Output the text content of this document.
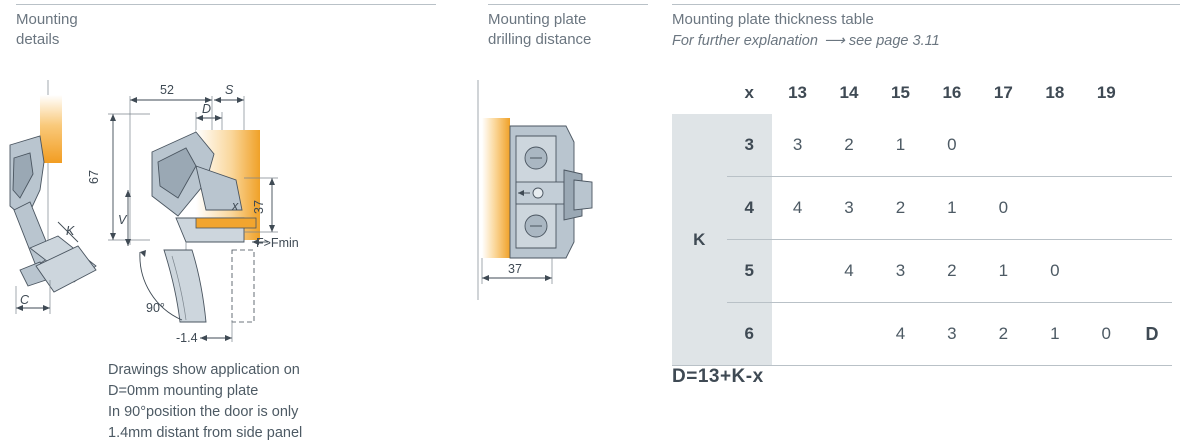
Mounting
details
Mounting plate
drilling distance
Mounting plate thickness table
For further explanation  ⟶  see page 3.11
K
C
52	S
D
67
V
x 37
F>Fmin
90°
-1.4
Drawings show application on
D=0mm mounting plate
In 90°position the door is only
1.4mm distant from side panel
37
	x	13	14	15	16	17	18	19	
K	3	3	2	1	0				
	4	4	3	2	1	0			
	5		4	3	2	1	0		
	6			4	3	2	1	0	D
D=13+K-x
